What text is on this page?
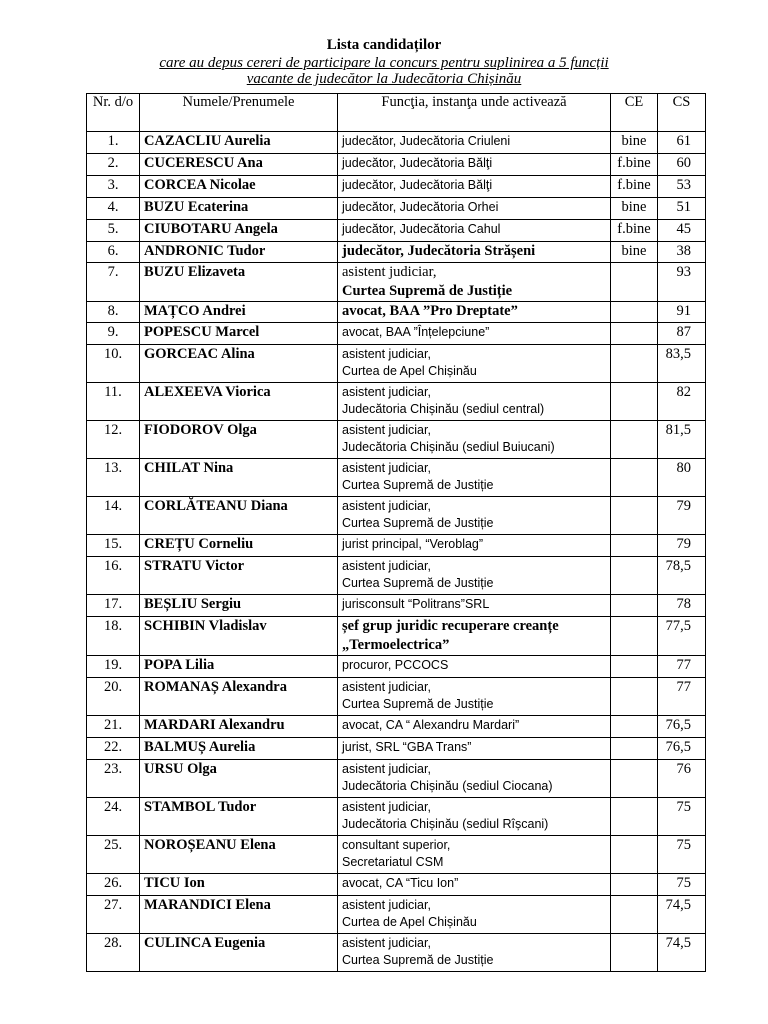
Lista candidaților
care au depus cereri de participare la concurs pentru suplinirea a 5 funcții
vacante de judecător la Judecătoria Chișinău
Nr. d/o	Numele/Prenumele	Funcţia, instanţa unde activează	CE	CS
1.	CAZACLIU Aurelia	judecător, Judecătoria Criuleni	bine	61
2.	CUCERESCU Ana	judecător, Judecătoria Bălţi	f.bine	60
3.	CORCEA Nicolae	judecător, Judecătoria Bălţi	f.bine	53
4.	BUZU Ecaterina	judecător, Judecătoria Orhei	bine	51
5.	CIUBOTARU Angela	judecător, Judecătoria Cahul	f.bine	45
6.	ANDRONIC Tudor	judecător, Judecătoria Strășeni	bine	38
7.	BUZU Elizaveta	asistent judiciar,
Curtea Supremă de Justiție		93
8.	MAȚCO Andrei	avocat, BAA ”Pro Dreptate”		91
9.	POPESCU Marcel	avocat, BAA ”Înțelepciune”		87
10.	GORCEAC Alina	asistent judiciar,
Curtea de Apel Chișinău		83,5
11.	ALEXEEVA Viorica	asistent judiciar,
Judecătoria Chișinău (sediul central)		82
12.	FIODOROV Olga	asistent judiciar,
Judecătoria Chișinău (sediul Buiucani)		81,5
13.	CHILAT Nina	asistent judiciar,
Curtea Supremă de Justiție		80
14.	CORLĂTEANU Diana	asistent judiciar,
Curtea Supremă de Justiție		79
15.	CREȚU Corneliu	jurist principal, “Veroblag”		79
16.	STRATU Victor	asistent judiciar,
Curtea Supremă de Justiție		78,5
17.	BEȘLIU Sergiu	jurisconsult “Politrans”SRL		78
18.	SCHIBIN Vladislav	șef grup juridic recuperare creanțe
„Termoelectrica”		77,5
19.	POPA Lilia	procuror, PCCOCS		77
20.	ROMANAȘ Alexandra	asistent judiciar,
Curtea Supremă de Justiție		77
21.	MARDARI Alexandru	avocat, CA “ Alexandru Mardari”		76,5
22.	BALMUȘ Aurelia	jurist, SRL “GBA Trans”		76,5
23.	URSU Olga	asistent judiciar,
Judecătoria Chișinău (sediul Ciocana)		76
24.	STAMBOL Tudor	asistent judiciar,
Judecătoria Chișinău (sediul Rîșcani)		75
25.	NOROȘEANU Elena	consultant superior,
Secretariatul CSM		75
26.	TICU Ion	avocat, CA “Ticu Ion”		75
27.	MARANDICI Elena	asistent judiciar,
Curtea de Apel Chișinău		74,5
28.	CULINCA Eugenia	asistent judiciar,
Curtea Supremă de Justiție		74,5
